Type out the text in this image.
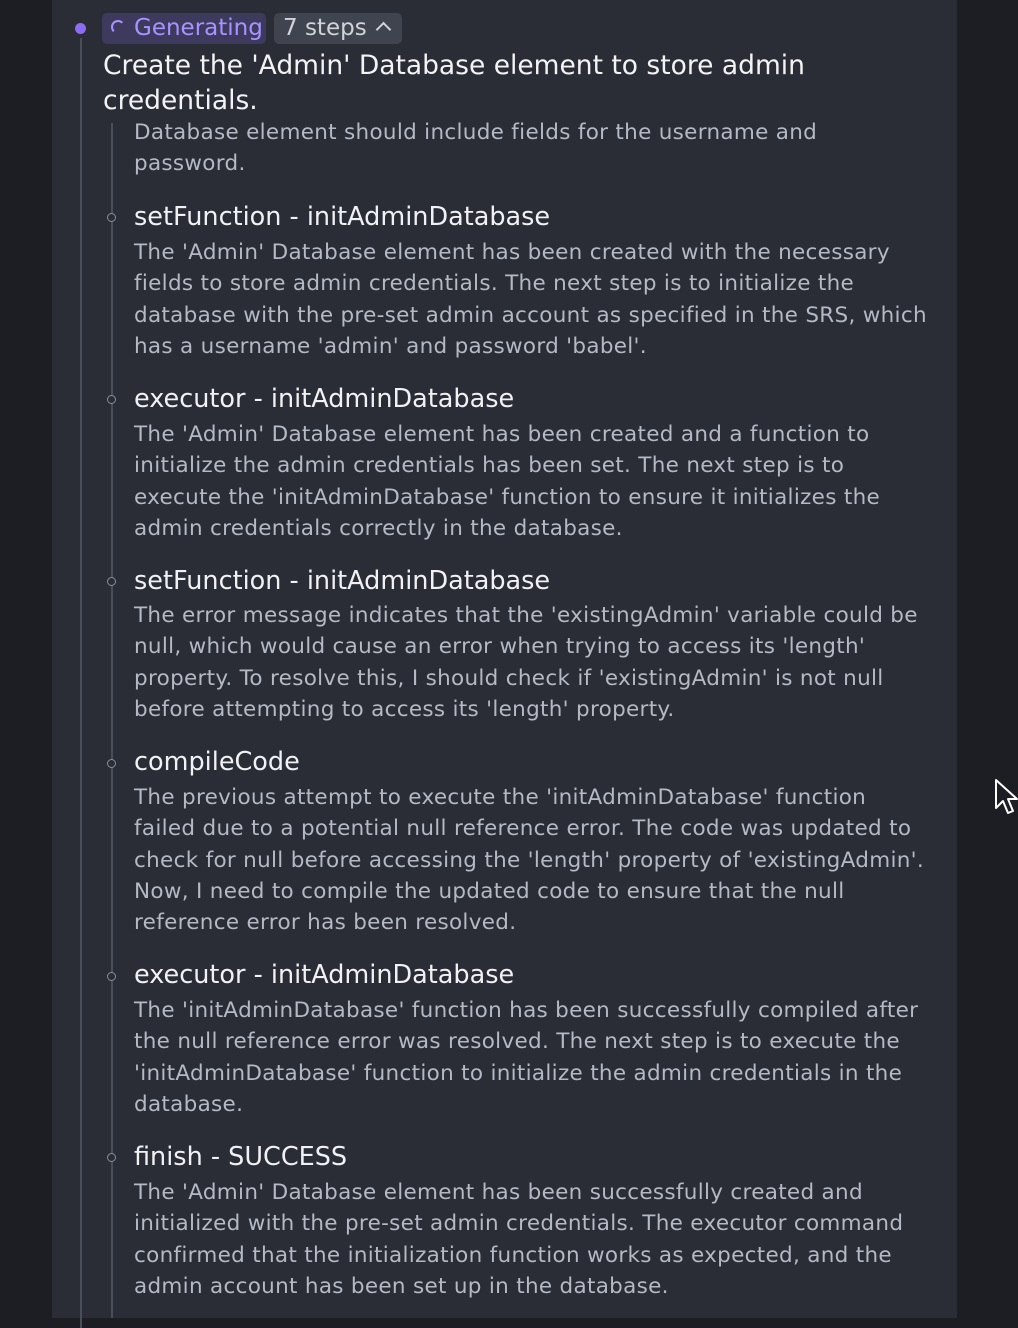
Generating 7 steps
Create the 'Admin' Database element to store admin credentials.

Database element should include fields for the username and password.

setFunction - initAdminDatabase

The 'Admin' Database element has been created with the necessary fields to store admin credentials. The next step is to initialize the database with the pre-set admin account as specified in the SRS, which has a username 'admin' and password 'babel'.

executor - initAdminDatabase

The 'Admin' Database element has been created and a function to initialize the admin credentials has been set. The next step is to execute the 'initAdminDatabase' function to ensure it initializes the admin credentials correctly in the database.

setFunction - initAdminDatabase

The error message indicates that the 'existingAdmin' variable could be null, which would cause an error when trying to access its 'length' property. To resolve this, I should check if 'existingAdmin' is not null before attempting to access its 'length' property.

compileCode

The previous attempt to execute the 'initAdminDatabase' function failed due to a potential null reference error. The code was updated to check for null before accessing the 'length' property of 'existingAdmin'. Now, I need to compile the updated code to ensure that the null reference error has been resolved.

executor - initAdminDatabase

The 'initAdminDatabase' function has been successfully compiled after the null reference error was resolved. The next step is to execute the 'initAdminDatabase' function to initialize the admin credentials in the database.

finish - SUCCESS

The 'Admin' Database element has been successfully created and initialized with the pre-set admin credentials. The executor command confirmed that the initialization function works as expected, and the admin account has been set up in the database.
